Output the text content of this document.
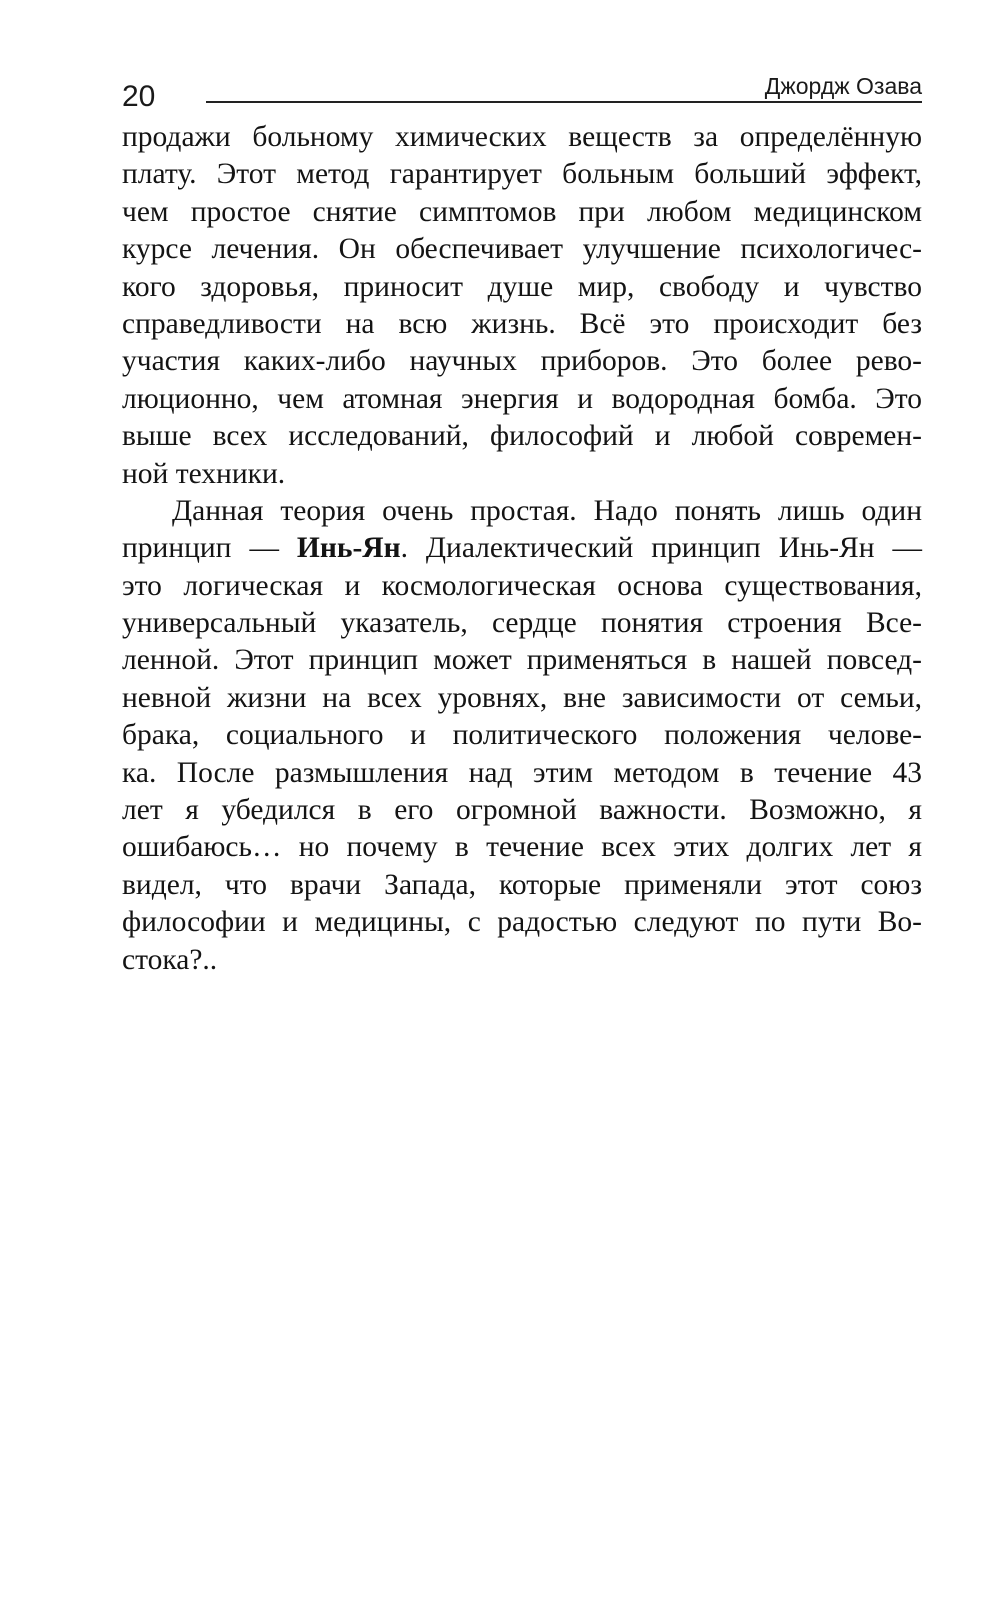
20	Джордж Озава
продажи больному химических веществ за определённую
плату. Этот метод гарантирует больным больший эффект,
чем простое снятие симптомов при любом медицинском
курсе лечения. Он обеспечивает улучшение психологичес-
кого здоровья, приносит душе мир, свободу и чувство
справедливости на всю жизнь. Всё это происходит без
участия каких-либо научных приборов. Это более рево-
люционно, чем атомная энергия и водородная бомба. Это
выше всех исследований, философий и любой современ-
ной техники.
Данная теория очень простая. Надо понять лишь один
принцип — Инь-Ян. Диалектический принцип Инь-Ян —
это логическая и космологическая основа существования,
универсальный указатель, сердце понятия строения Все-
ленной. Этот принцип может применяться в нашей повсед-
невной жизни на всех уровнях, вне зависимости от семьи,
брака, социального и политического положения челове-
ка. После размышления над этим методом в течение 43
лет я убедился в его огромной важности. Возможно, я
ошибаюсь… но почему в течение всех этих долгих лет я
видел, что врачи Запада, которые применяли этот союз
философии и медицины, с радостью следуют по пути Во-
стока?..
